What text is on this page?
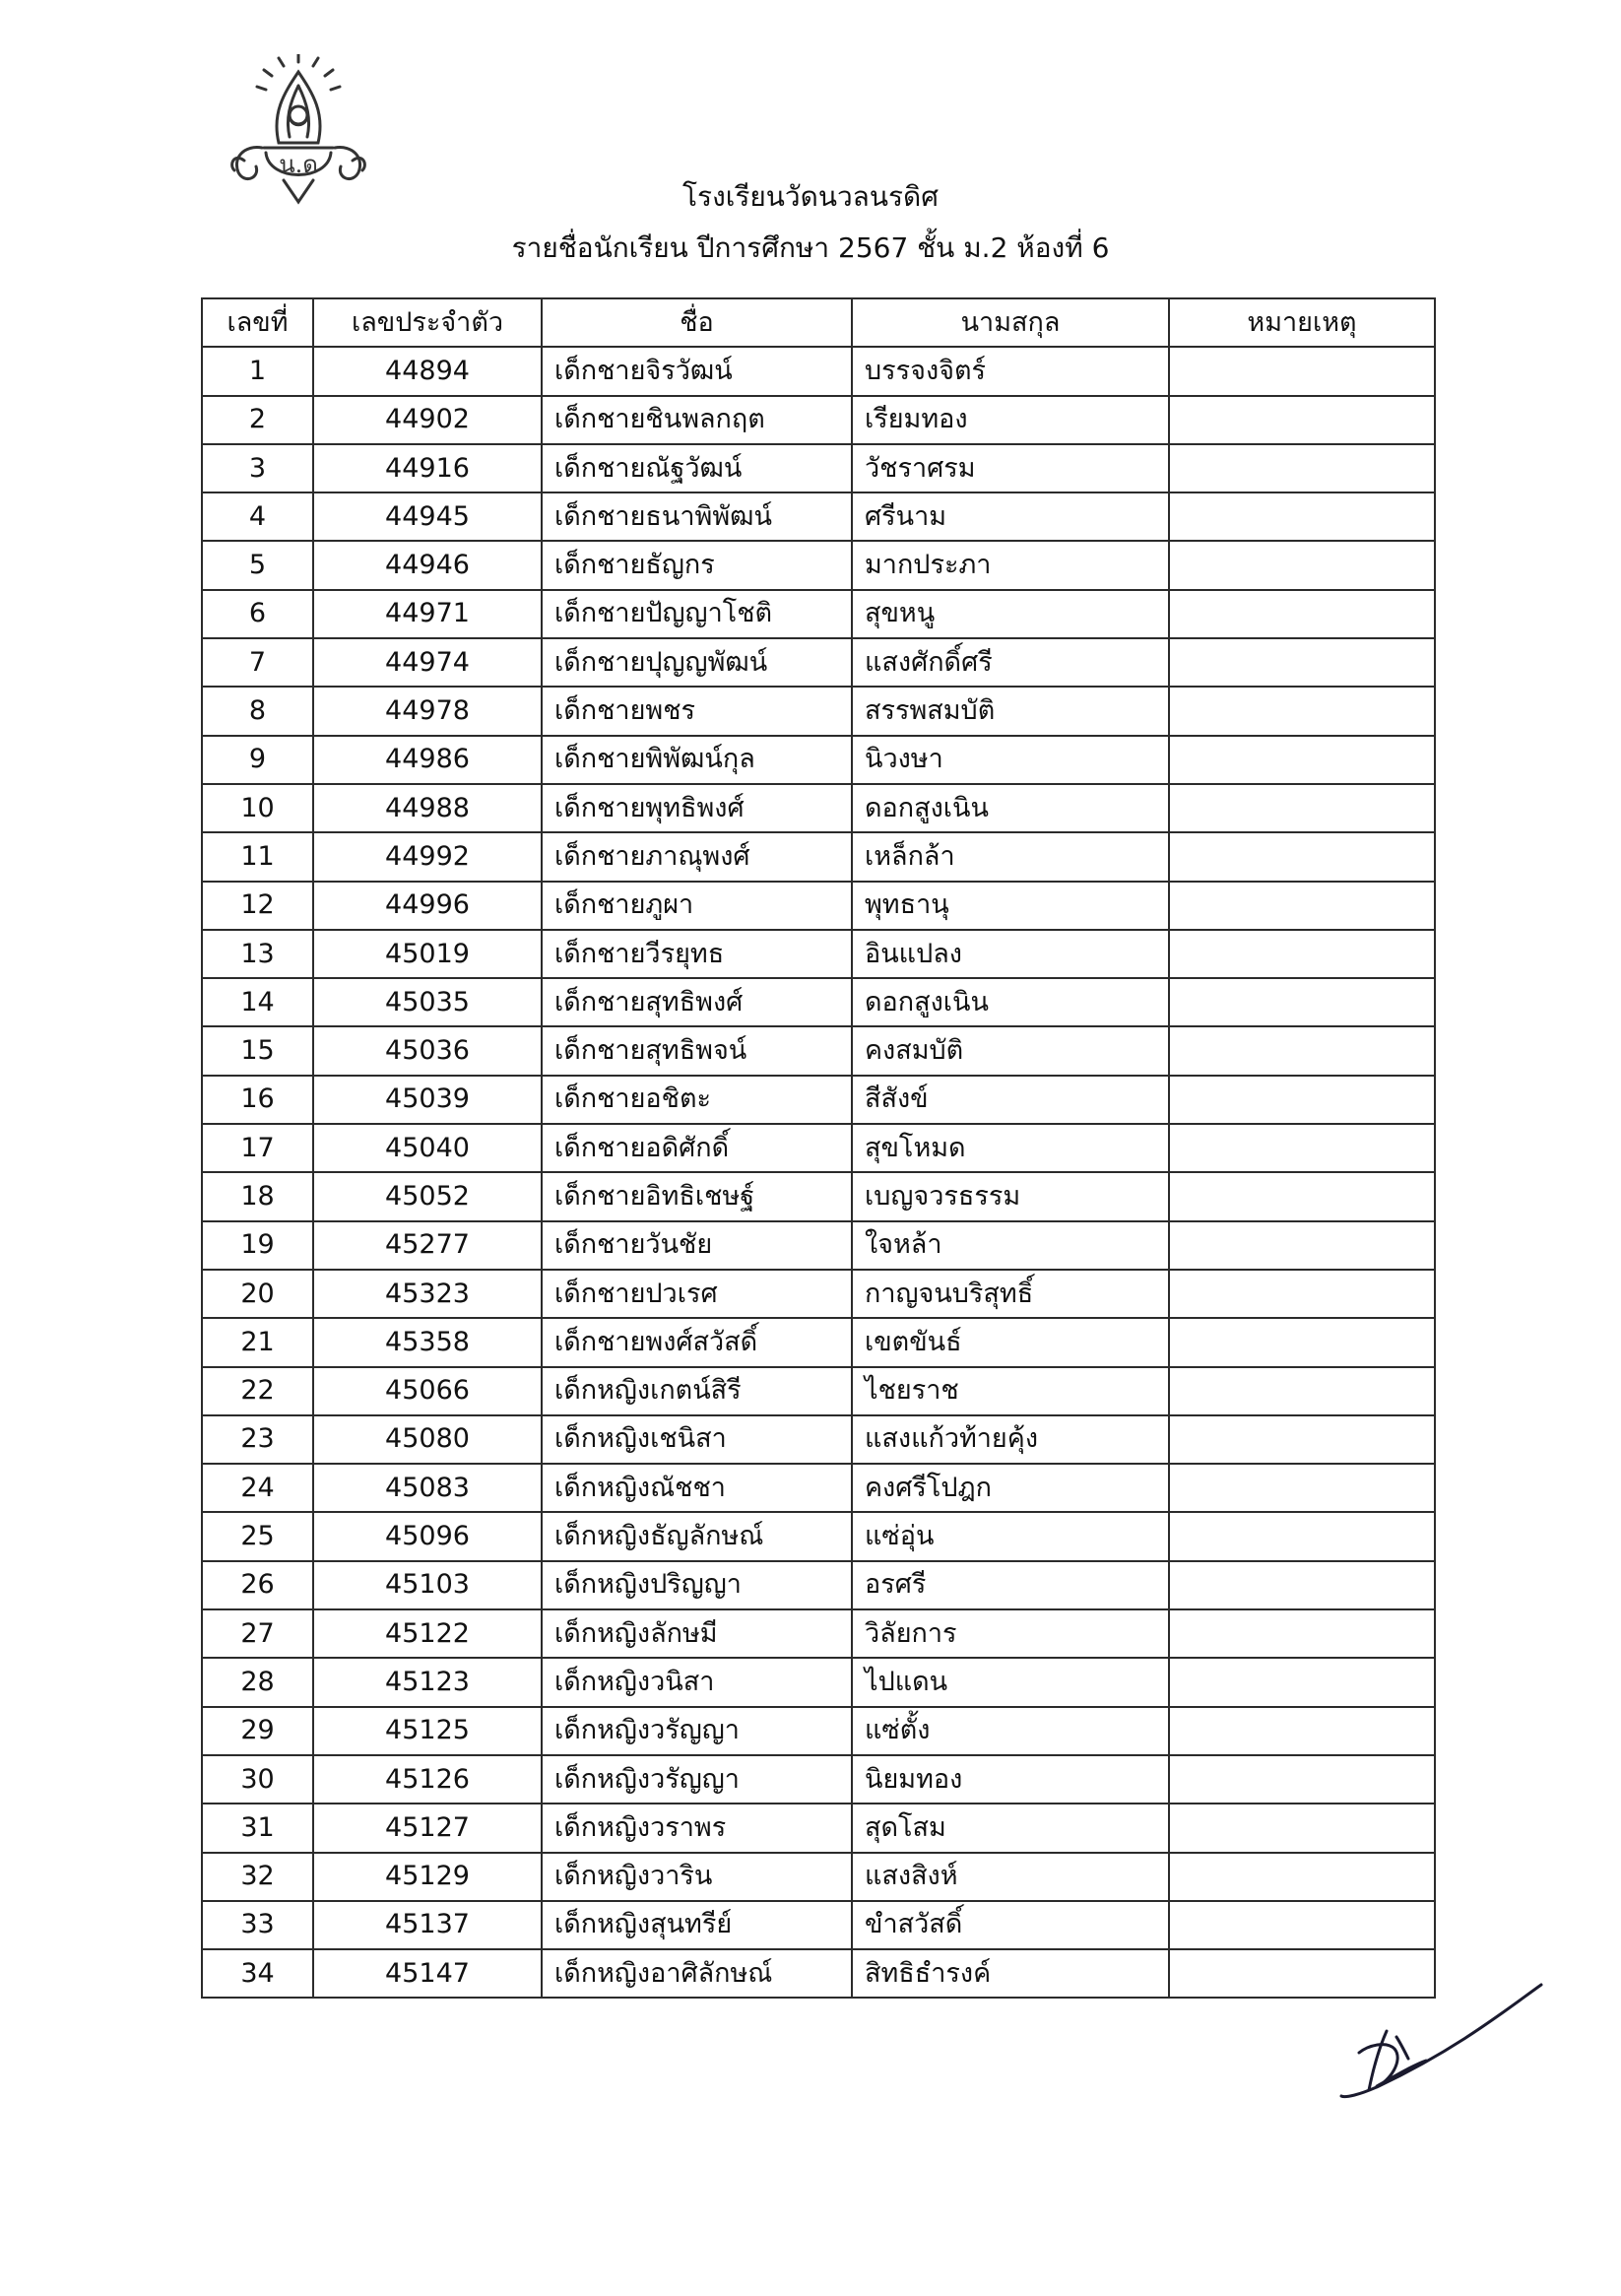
น.ด
โรงเรียนวัดนวลนรดิศ
รายชื่อนักเรียน ปีการศึกษา 2567 ชั้น ม.2 ห้องที่ 6
เลขที่	เลขประจำตัว	ชื่อ	นามสกุล	หมายเหตุ
1	44894	เด็กชายจิรวัฒน์	บรรจงจิตร์	
2	44902	เด็กชายชินพลกฤต	เรียมทอง	
3	44916	เด็กชายณัฐวัฒน์	วัชราศรม	
4	44945	เด็กชายธนาพิพัฒน์	ศรีนาม	
5	44946	เด็กชายธัญกร	มากประภา	
6	44971	เด็กชายปัญญาโชติ	สุขหนู	
7	44974	เด็กชายปุญญพัฒน์	แสงศักดิ์ศรี	
8	44978	เด็กชายพชร	สรรพสมบัติ	
9	44986	เด็กชายพิพัฒน์กุล	นิวงษา	
10	44988	เด็กชายพุทธิพงศ์	ดอกสูงเนิน	
11	44992	เด็กชายภาณุพงศ์	เหล็กล้า	
12	44996	เด็กชายภูผา	พุทธานุ	
13	45019	เด็กชายวีรยุทธ	อินแปลง	
14	45035	เด็กชายสุทธิพงศ์	ดอกสูงเนิน	
15	45036	เด็กชายสุทธิพจน์	คงสมบัติ	
16	45039	เด็กชายอชิตะ	สีสังข์	
17	45040	เด็กชายอดิศักดิ์	สุขโหมด	
18	45052	เด็กชายอิทธิเชษฐ์	เบญจวรธรรม	
19	45277	เด็กชายวันชัย	ใจหล้า	
20	45323	เด็กชายปวเรศ	กาญจนบริสุทธิ์	
21	45358	เด็กชายพงศ์สวัสดิ์	เขตขันธ์	
22	45066	เด็กหญิงเกตน์สิรี	ไชยราช	
23	45080	เด็กหญิงเชนิสา	แสงแก้วท้ายคุ้ง	
24	45083	เด็กหญิงณัชชา	คงศรีโปฎก	
25	45096	เด็กหญิงธัญลักษณ์	แซ่อุ่น	
26	45103	เด็กหญิงปริญญา	อรศรี	
27	45122	เด็กหญิงลักษมี	วิลัยการ	
28	45123	เด็กหญิงวนิสา	ไปแดน	
29	45125	เด็กหญิงวรัญญา	แซ่ตั้ง	
30	45126	เด็กหญิงวรัญญา	นิยมทอง	
31	45127	เด็กหญิงวราพร	สุดโสม	
32	45129	เด็กหญิงวาริน	แสงสิงห์	
33	45137	เด็กหญิงสุนทรีย์	ขำสวัสดิ์	
34	45147	เด็กหญิงอาศิลักษณ์	สิทธิธำรงค์	
